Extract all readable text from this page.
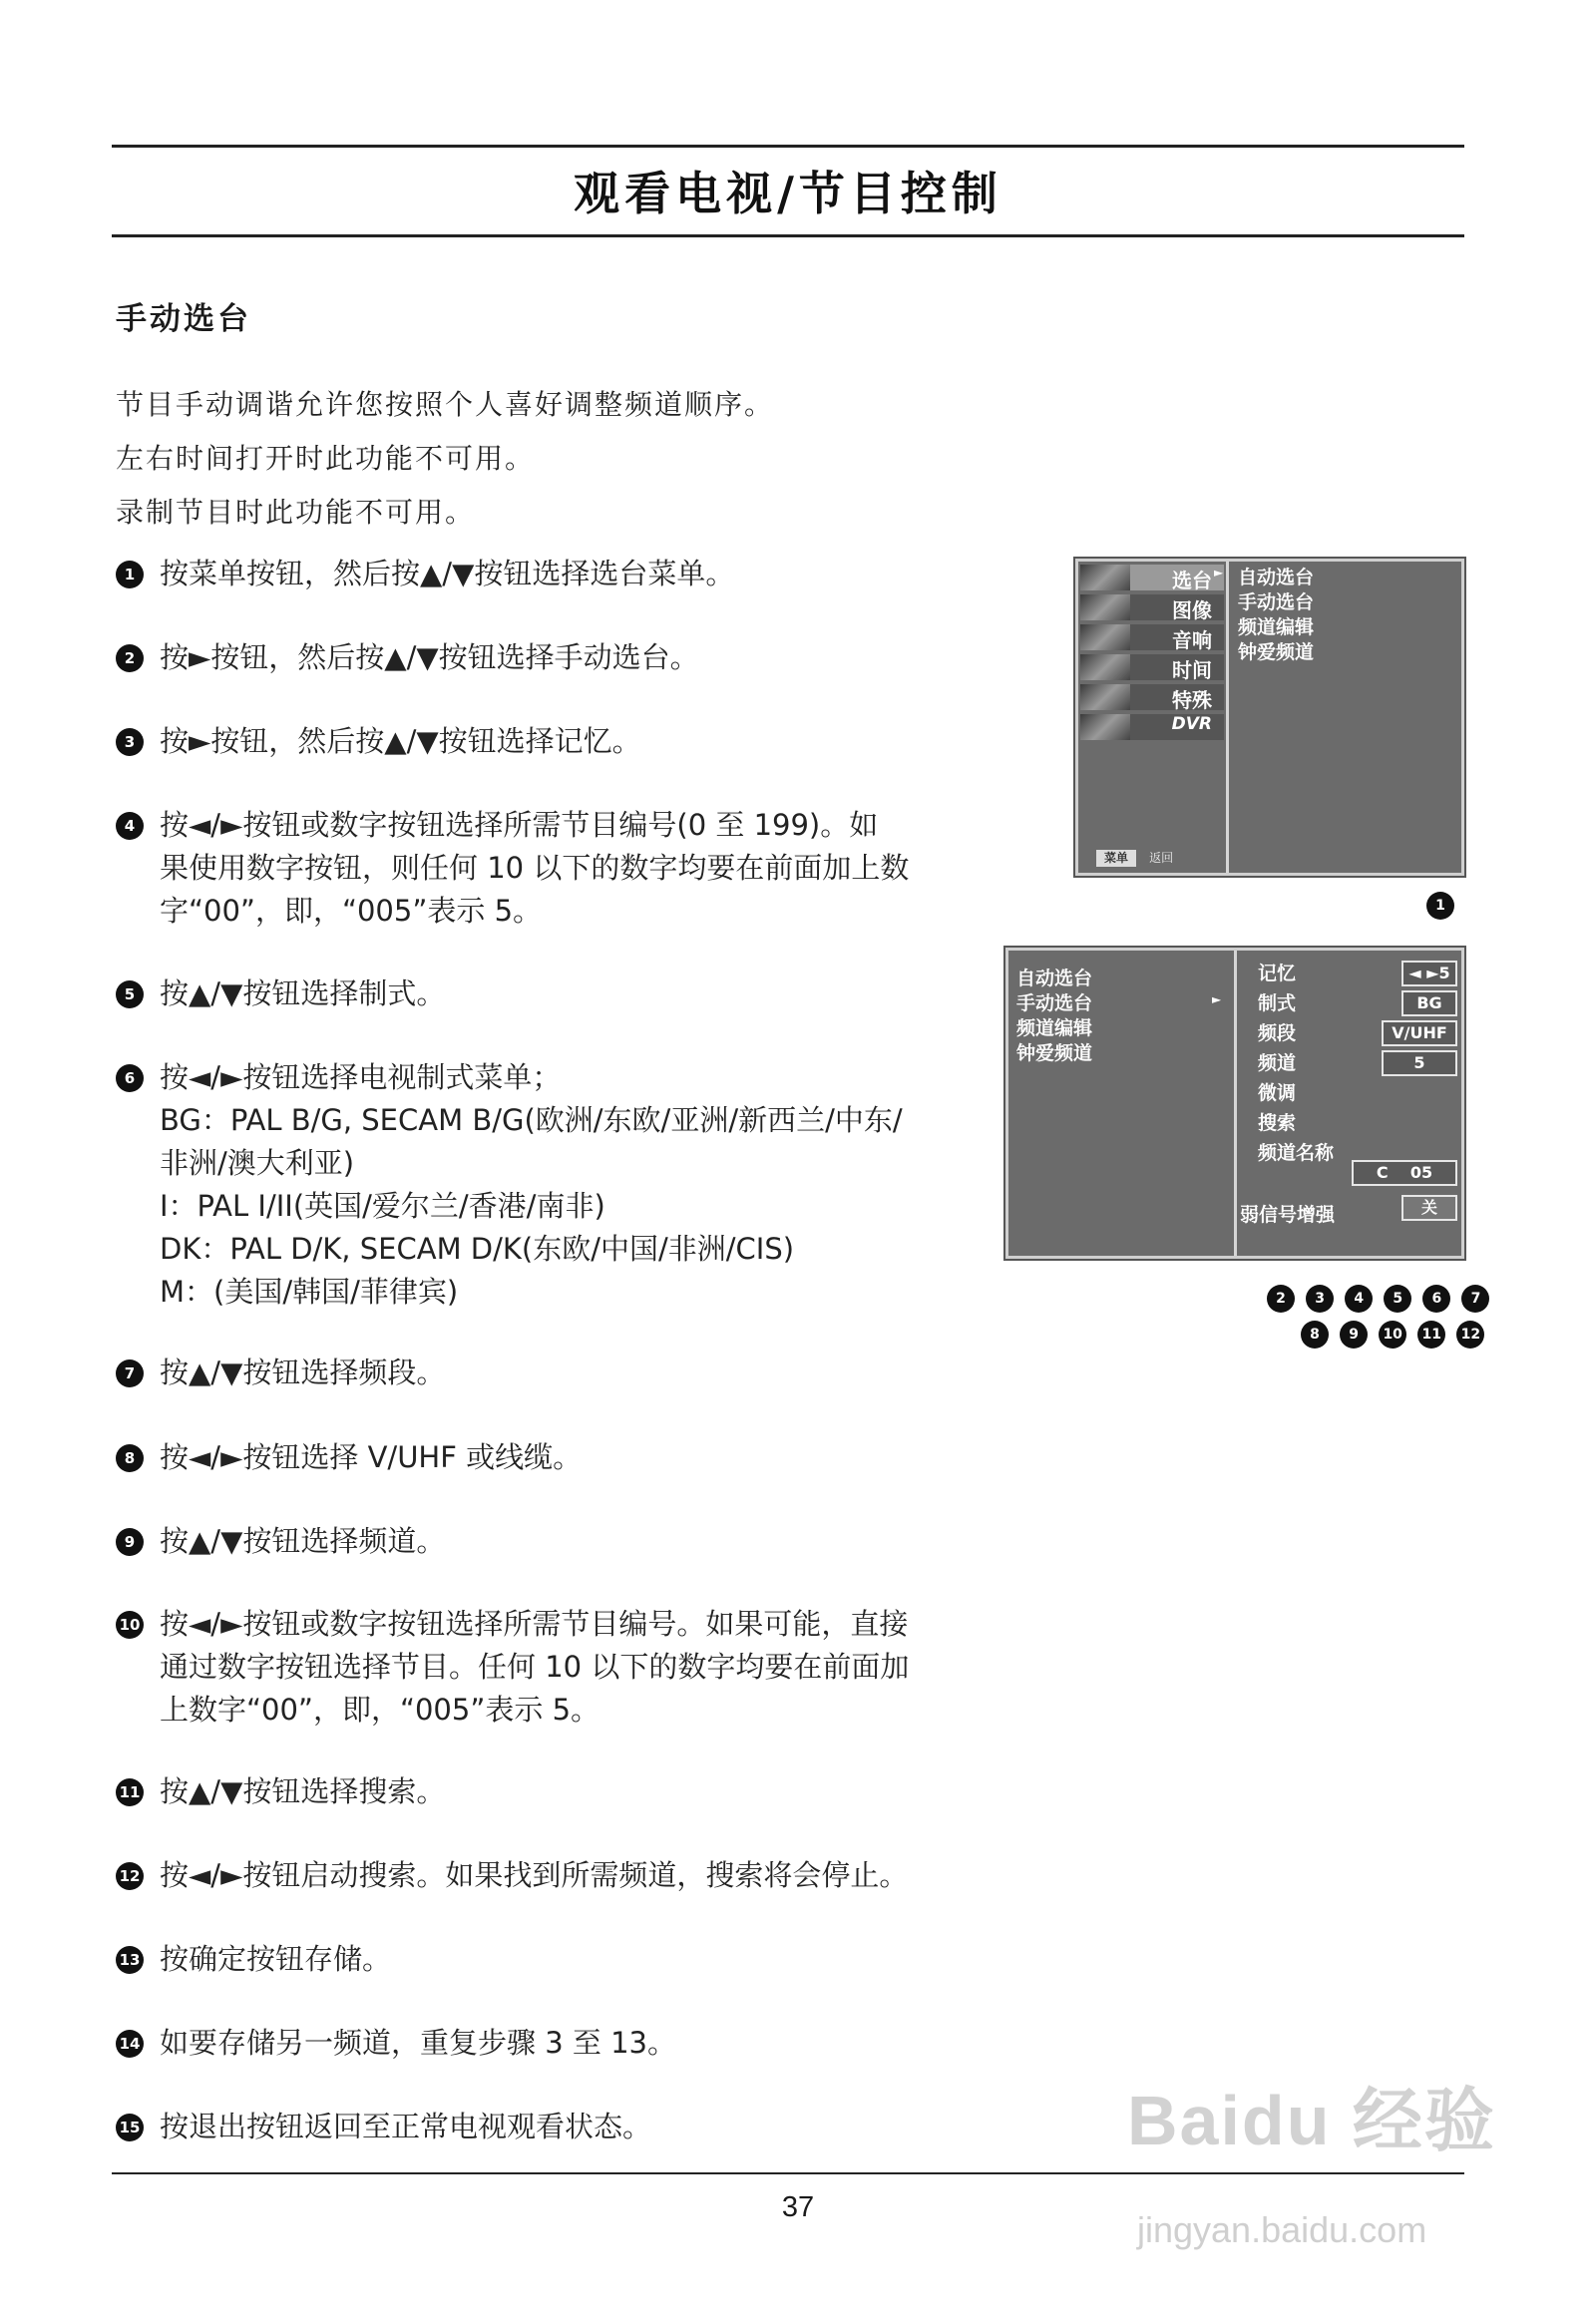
观看电视/节目控制
手动选台
节目手动调谐允许您按照个人喜好调整频道顺序。
左右时间打开时此功能不可用。
录制节目时此功能不可用。
1 按菜单按钮，然后按▲/▼按钮选择选台菜单。
2 按►按钮，然后按▲/▼按钮选择手动选台。
3 按►按钮，然后按▲/▼按钮选择记忆。
4 按◄/►按钮或数字按钮选择所需节目编号(0 至 199)。如
果使用数字按钮，则任何 10 以下的数字均要在前面加上数
字“00”，即，“005”表示 5。
5 按▲/▼按钮选择制式。
6 按◄/►按钮选择电视制式菜单；
BG：PAL B/G, SECAM B/G(欧洲/东欧/亚洲/新西兰/中东/
非洲/澳大利亚)
I：PAL I/II(英国/爱尔兰/香港/南非)
DK：PAL D/K, SECAM D/K(东欧/中国/非洲/CIS)
M：(美国/韩国/菲律宾)
7 按▲/▼按钮选择频段。
8 按◄/►按钮选择 V/UHF 或线缆。
9 按▲/▼按钮选择频道。
10 按◄/►按钮或数字按钮选择所需节目编号。如果可能，直接
通过数字按钮选择节目。任何 10 以下的数字均要在前面加
上数字“00”，即，“005”表示 5。
11 按▲/▼按钮选择搜索。
12 按◄/►按钮启动搜索。如果找到所需频道，搜索将会停止。
13 按确定按钮存储。
14 如要存储另一频道，重复步骤 3 至 13。
15 按退出按钮返回至正常电视观看状态。
选台
图像
音响
时间
特殊
DVR
菜单 返回
► 自动选台
手动选台
频道编辑
钟爱频道
1
自动选台
手动选台
频道编辑
钟爱频道
►
记忆
制式
频段
频道
微调
搜索
频道名称
弱信号增强
◄ ►5
BG
V/UHF
5
C    05
关
2 3 4 5 6 7
8 9 10 11 12
37
Baidu 经验
jingyan.baidu.com
